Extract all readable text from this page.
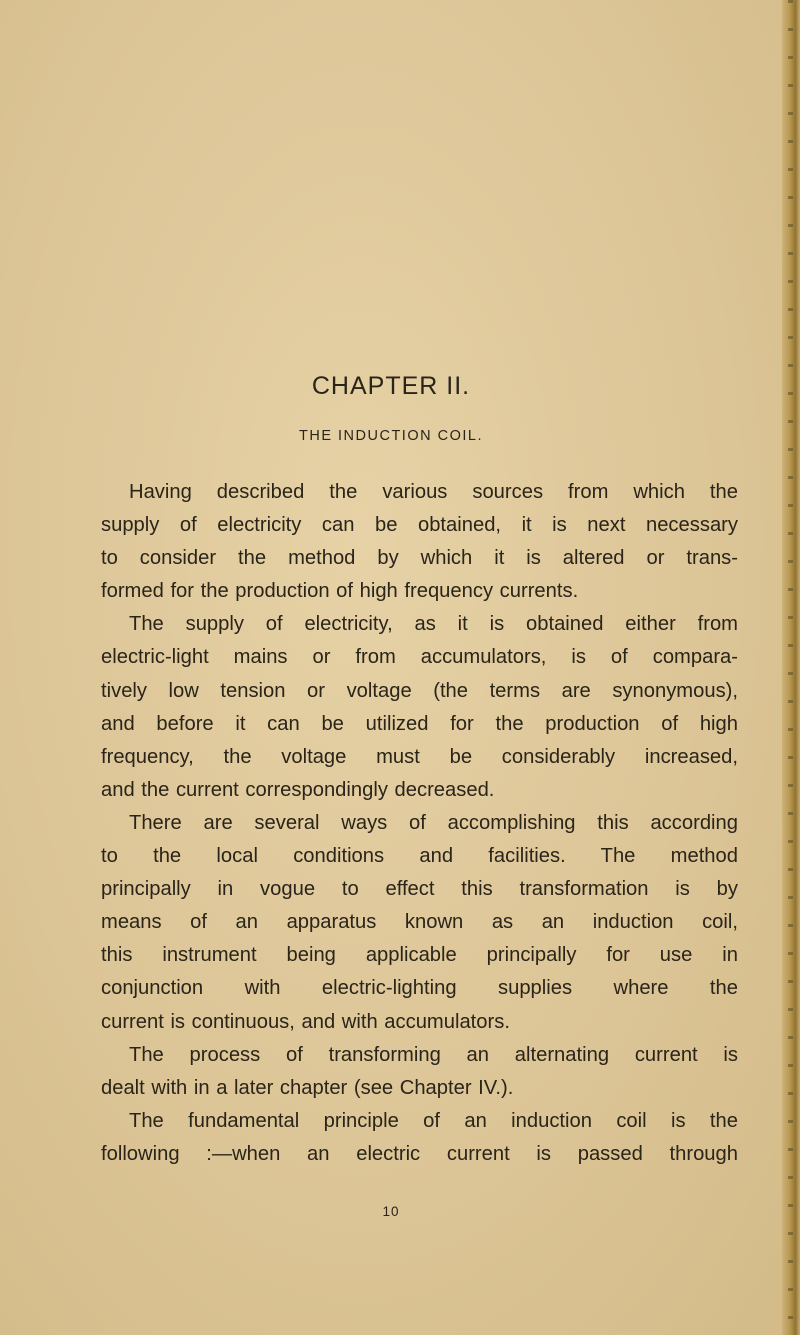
CHAPTER II.
THE INDUCTION COIL.
Having described the various sources from which the
supply of electricity can be obtained, it is next necessary
to consider the method by which it is altered or trans-
formed for the production of high frequency currents.
The supply of electricity, as it is obtained either from
electric-light mains or from accumulators, is of compara-
tively low tension or voltage (the terms are synonymous),
and before it can be utilized for the production of high
frequency, the voltage must be considerably increased,
and the current correspondingly decreased.
There are several ways of accomplishing this according
to the local conditions and facilities. The method
principally in vogue to effect this transformation is by
means of an apparatus known as an induction coil,
this instrument being applicable principally for use in
conjunction with electric-lighting supplies where the
current is continuous, and with accumulators.
The process of transforming an alternating current is
dealt with in a later chapter (see Chapter IV.).
The fundamental principle of an induction coil is the
following :—when an electric current is passed through
10
